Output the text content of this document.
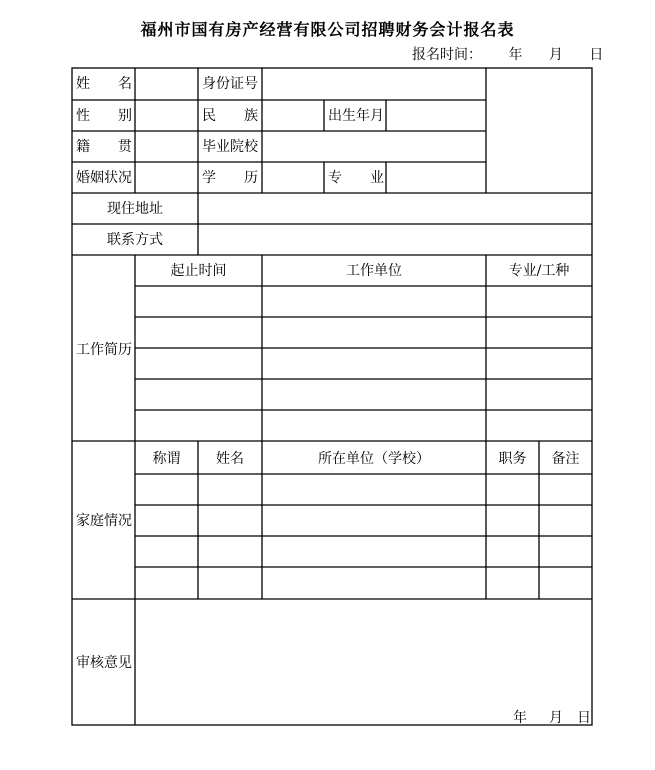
福州市国有房产经营有限公司招聘财务会计报名表
报名时间： 年 月 日
姓　　名	身份证号
性　　别	民　　族	出生年月
籍　　贯	毕业院校
婚姻状况	学　　历	专　　业
现住地址
联系方式
工作简历
起止时间	工作单位	专业/工种
家庭情况
称谓	姓名	所在单位（学校）	职务	备注
审核意见
年 月 日
